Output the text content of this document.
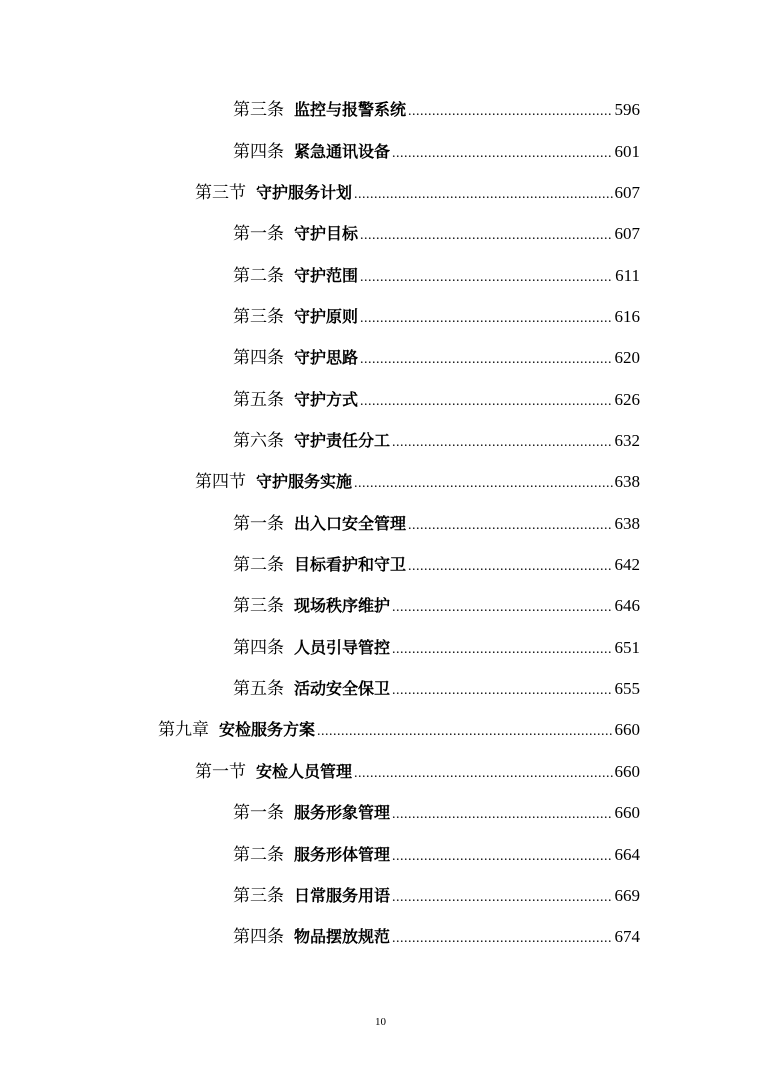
第三条 监控与报警系统 .....	596
第四条 紧急通讯设备 .....	601
第三节 守护服务计划 .....	607
第一条 守护目标 .....	607
第二条 守护范围 .....	611
第三条 守护原则 .....	616
第四条 守护思路 .....	620
第五条 守护方式 .....	626
第六条 守护责任分工 .....	632
第四节 守护服务实施 .....	638
第一条 出入口安全管理 .....	638
第二条 目标看护和守卫 .....	642
第三条 现场秩序维护 .....	646
第四条 人员引导管控 .....	651
第五条 活动安全保卫 .....	655
第九章 安检服务方案 .....	660
第一节 安检人员管理 .....	660
第一条 服务形象管理 .....	660
第二条 服务形体管理 .....	664
第三条 日常服务用语 .....	669
第四条 物品摆放规范 .....	674
10
